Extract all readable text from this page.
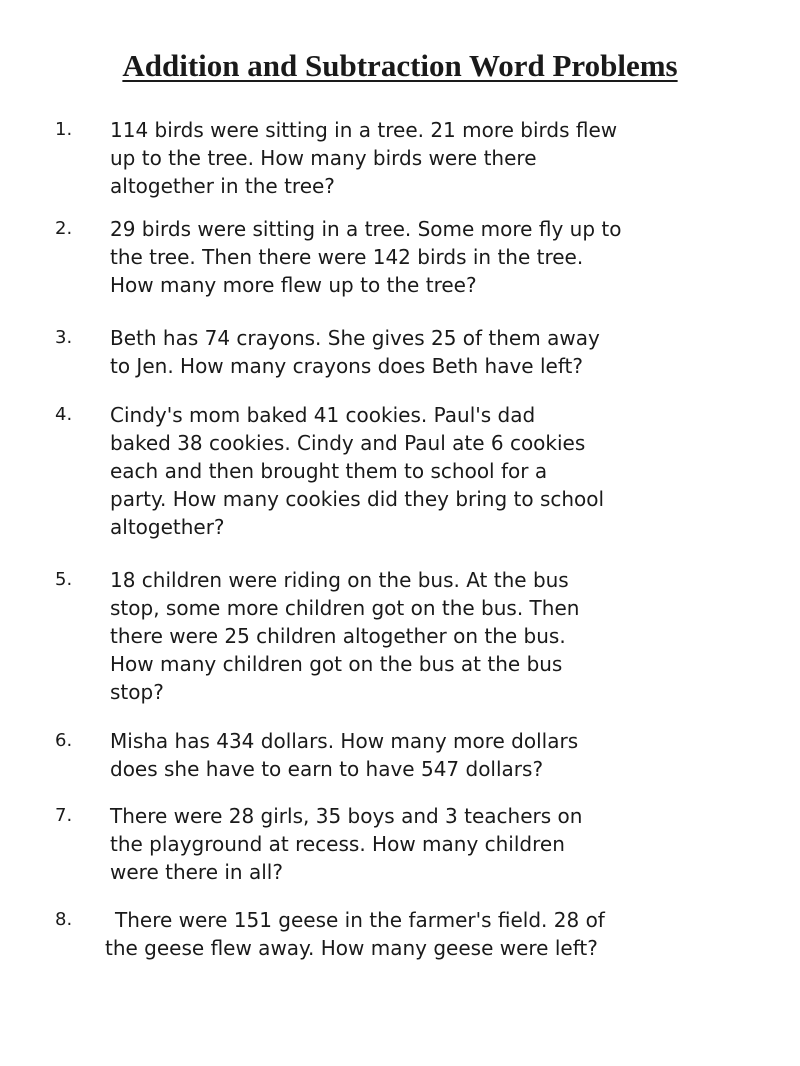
Addition and Subtraction Word Problems
1. 114 birds were sitting in a tree. 21 more birds flew
up to the tree. How many birds were there
altogether in the tree?
2. 29 birds were sitting in a tree. Some more fly up to
the tree. Then there were 142 birds in the tree.
How many more flew up to the tree?
3. Beth has 74 crayons. She gives 25 of them away
to Jen. How many crayons does Beth have left?
4. Cindy's mom baked 41 cookies. Paul's dad
baked 38 cookies. Cindy and Paul ate 6 cookies
each and then brought them to school for a
party. How many cookies did they bring to school
altogether?
5. 18 children were riding on the bus. At the bus
stop, some more children got on the bus. Then
there were 25 children altogether on the bus.
How many children got on the bus at the bus
stop?
6. Misha has 434 dollars. How many more dollars
does she have to earn to have 547 dollars?
7. There were 28 girls, 35 boys and 3 teachers on
the playground at recess. How many children
were there in all?
8. There were 151 geese in the farmer's field. 28 of
the geese flew away. How many geese were left?
